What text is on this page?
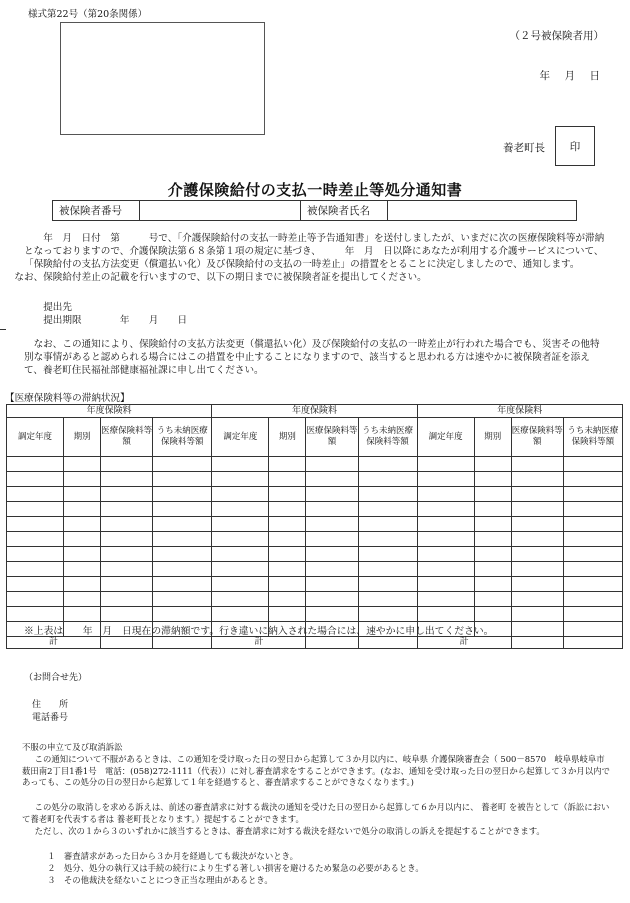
様式第22号（第20条関係）
（２号被保険者用）
年　月　日
養老町長 印
介護保険給付の支払一時差止等処分通知書
被保険者番号		被保険者氏名	
年　月　日付　第　　　号で、「介護保険給付の支払一時差止等予告通知書」を送付しましたが、いまだに次の医療保険料等が滞納となっておりますので、介護保険法第６８条第１項の規定に基づき、　　　年　月　日以降にあなたが利用する介護サービスについて、「保険給付の支払方法変更（償還払い化）及び保険給付の支払の一時差止」の措置をとることに決定しましたので、通知します。
なお、保険給付差止の記載を行いますので、以下の期日までに被保険者証を提出してください。
提出先
提出期限　　　　年　　月　　日
なお、この通知により、保険給付の支払方法変更（償還払い化）及び保険給付の支払の一時差止が行われた場合でも、災害その他特別な事情があると認められる場合にはこの措置を中止することになりますので、該当すると思われる方は速やかに被保険者証を添えて、養老町住民福祉部健康福祉課に申し出てください。
【医療保険料等の滞納状況】
年度保険料				年度保険料				年度保険料			
調定年度	期別	医療保険料等額	うち未納医療保険料等額	調定年度	期別	医療保険料等額	うち未納医療保険料等額	調定年度	期別	医療保険料等額	うち未納医療保険料等額

計				計				計			
※上表は　　年　月　日現在の滞納額です。行き違いに納入された場合には、速やかに申し出てください。
（お問合せ先）
住　　所
電話番号
不服の申立て及び取消訴訟
この通知について不服があるときは、この通知を受け取った日の翌日から起算して３か月以内に、岐阜県 介護保険審査会（ 500－8570　岐阜県岐阜市薮田南2丁目1番1号　電話：(058)272-1111（代表））に対し審査請求をすることができます。(なお、通知を受け取った日の翌日から起算して３か月以内であっても、この処分の日の翌日から起算して１年を経過すると、審査請求することができなくなります。)
この処分の取消しを求める訴えは、前述の審査請求に対する裁決の通知を受けた日の翌日から起算して６か月以内に、 養老町 を被告として（訴訟において養老町を代表する者は 養老町長となります。）提起することができます。
ただし、次の１から３のいずれかに該当するときは、審査請求に対する裁決を経ないで処分の取消しの訴えを提起することができます。
１　審査請求があった日から３か月を経過しても裁決がないとき。
２　処分、処分の執行又は手続の続行により生ずる著しい損害を避けるため緊急の必要があるとき。
３　その他裁決を経ないことにつき正当な理由があるとき。
